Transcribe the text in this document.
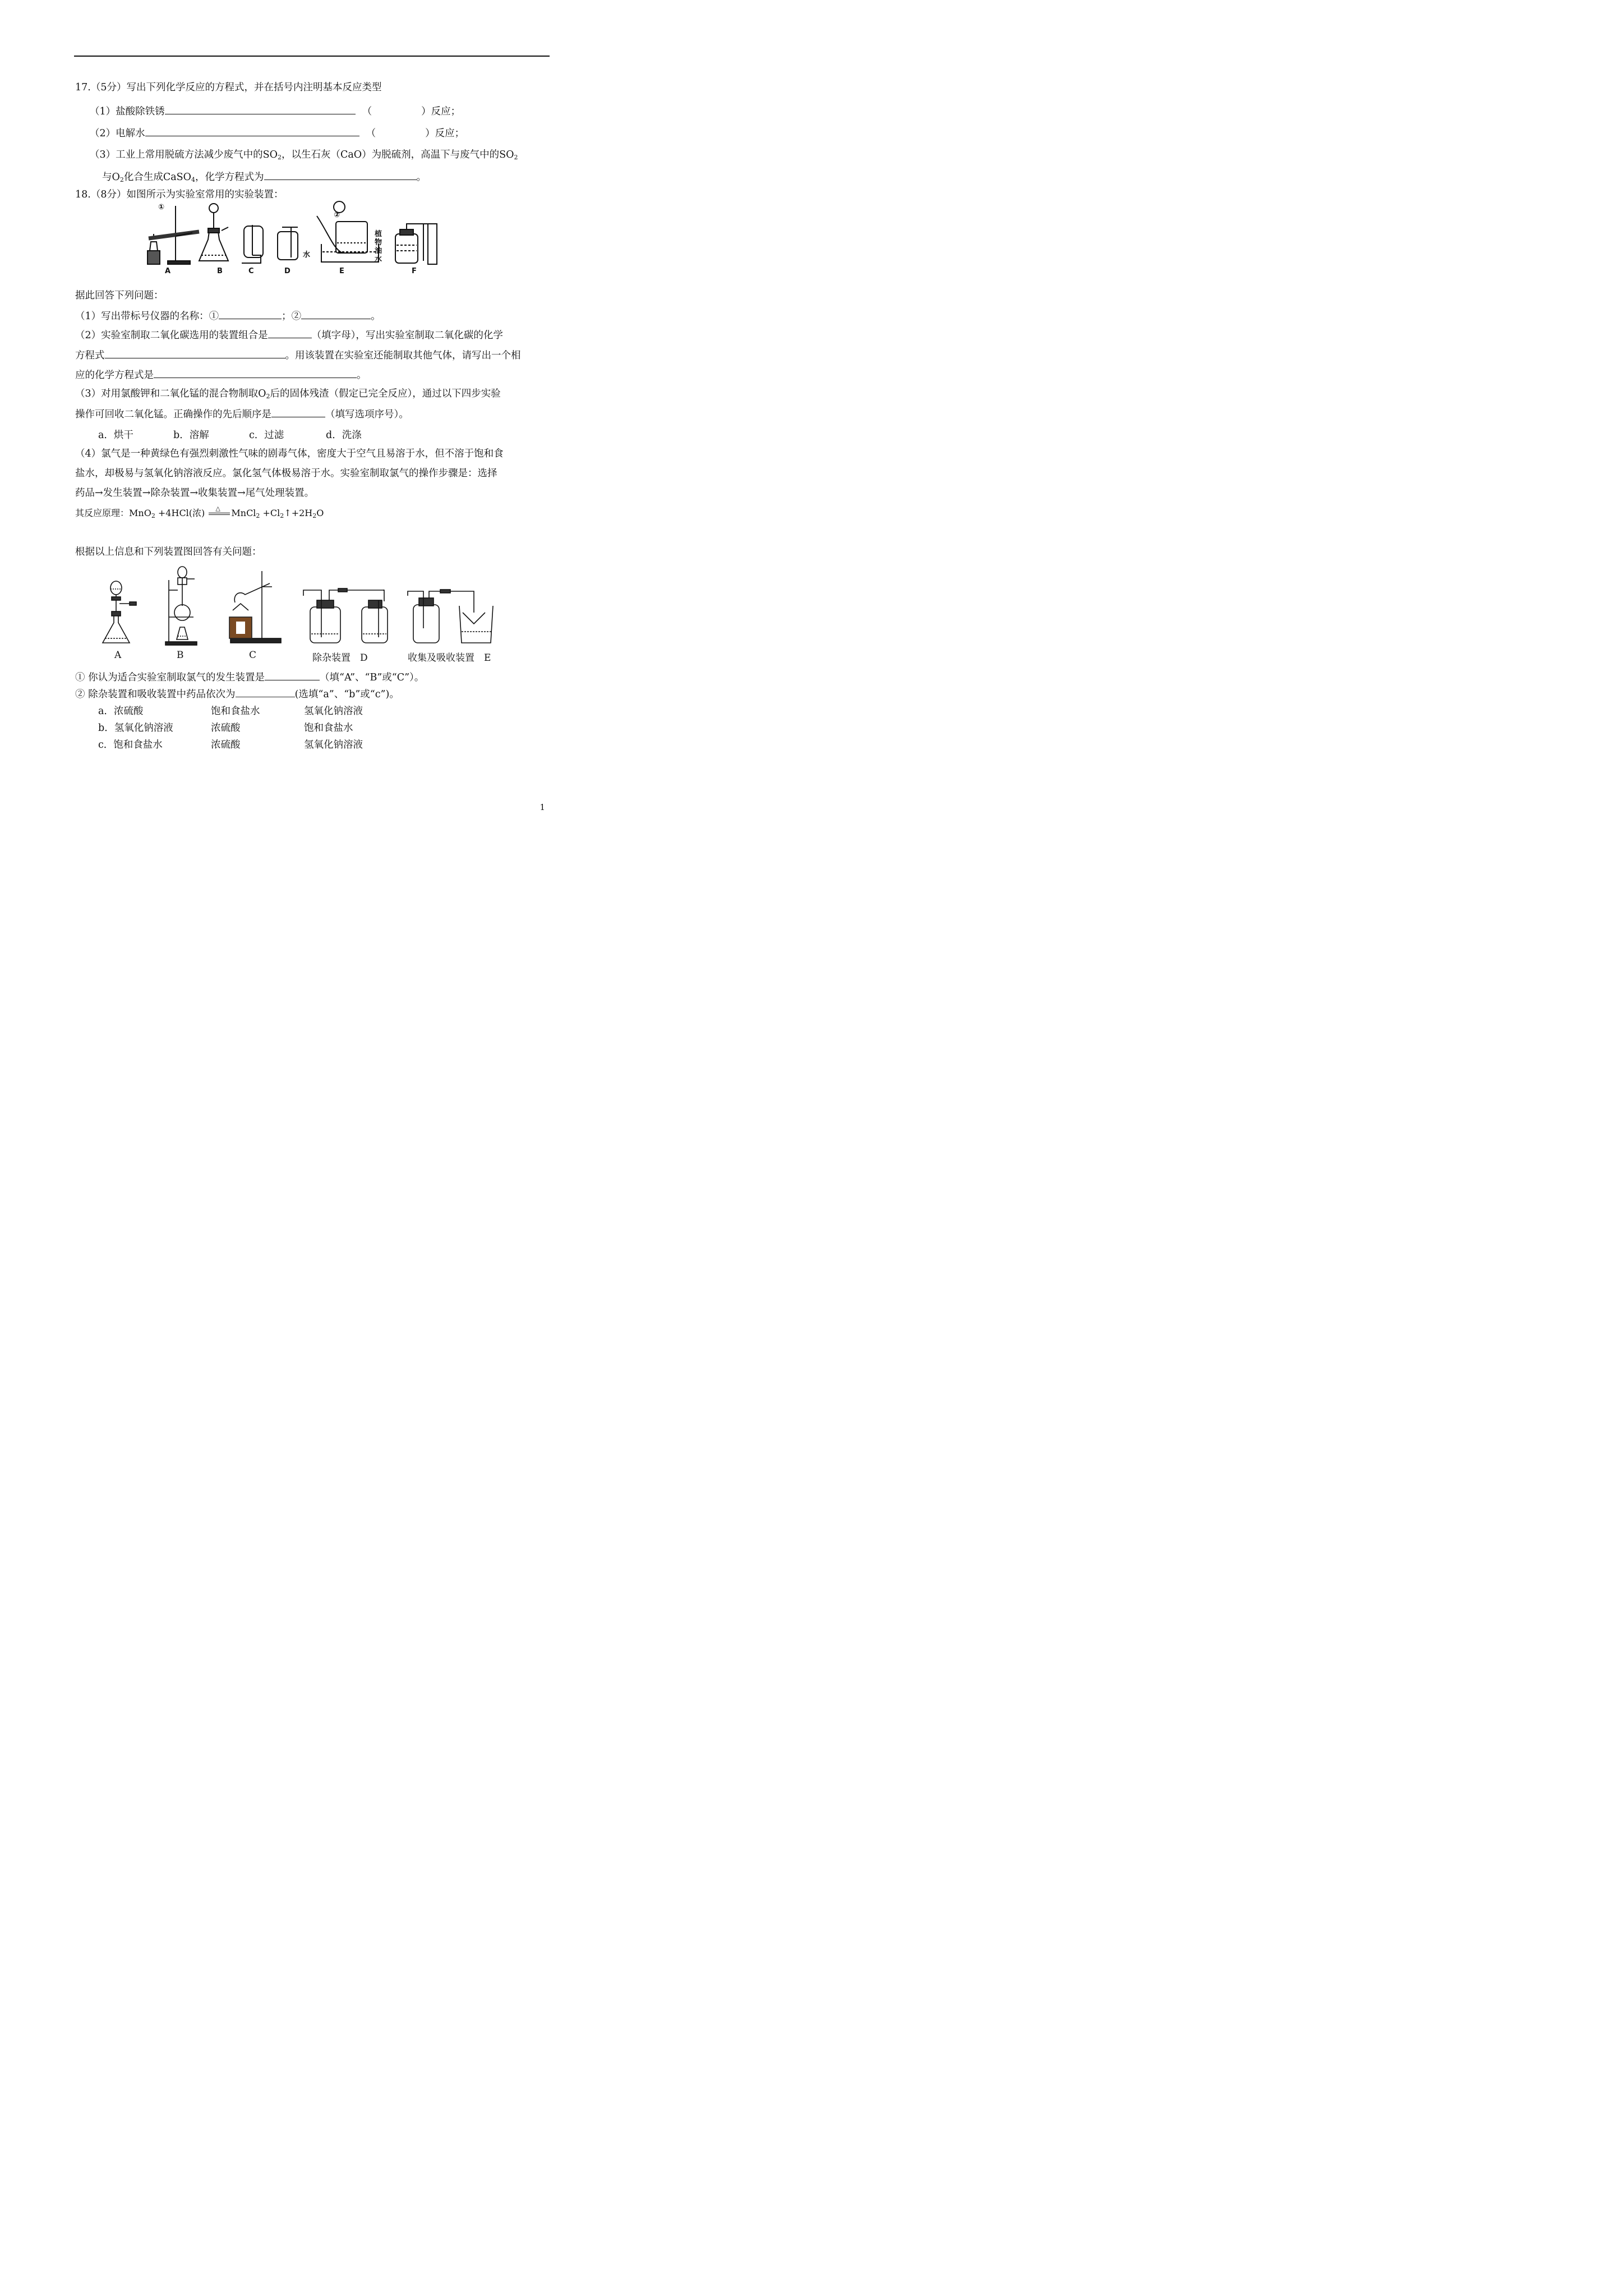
17.（5分）写出下列化学反应的方程式，并在括号内注明基本反应类型
（1）盐酸除铁锈	（	）反应；
（2）电解水	（	）反应；
（3）工业上常用脱硫方法减少废气中的$SO_2$，以生石灰（CaO）为脱硫剂，高温下与废气中的$SO_2$
与$O_2$化合生成CaSO$_4$，化学方程式为	。
18.（8分）如图所示为实验室常用的实验装置：
①
②
水
植
物
油
水
A	B	C	D	E	F
据此回答下列问题：
（1）写出带标号仪器的名称：①	；②	。
（2）实验室制取二氧化碳选用的装置组合是	（填字母），写出实验室制取二氧化碳的化学
方程式	。用该装置在实验室还能制取其他气体，请写出一个相
应的化学方程式是	。
（3）对用氯酸钾和二氧化锰的混合物制取$O_2$后的固体残渣（假定已完全反应），通过以下四步实验
操作可回收二氧化锰。正确操作的先后顺序是	（填写选项序号）。
a．烘干	b．溶解	c．过滤	d．洗涤
（4）氯气是一种黄绿色有强烈刺激性气味的剧毒气体，密度大于空气且易溶于水，但不溶于饱和食
盐水，却极易与氢氧化钠溶液反应。氯化氢气体极易溶于水。实验室制取氯气的操作步骤是：选择
药品→发生装置→除杂装置→收集装置→尾气处理装置。
其反应原理：MnO$_2$ +4HCl(浓) △ MnCl$_2$ $+Cl_2↑+2H_2O$
根据以上信息和下列装置图回答有关问题：
A	B	C	除杂装置　D	收集及吸收装置　E
① 你认为适合实验室制取氯气的发生装置是	（填“A”、“B”或“C”）。
② 除杂装置和吸收装置中药品依次为	(选填“a”、“b”或“c”)。
a．浓硫酸	饱和食盐水	氢氧化钠溶液
b．氢氧化钠溶液	浓硫酸	饱和食盐水
c．饱和食盐水	浓硫酸	氢氧化钠溶液
1
